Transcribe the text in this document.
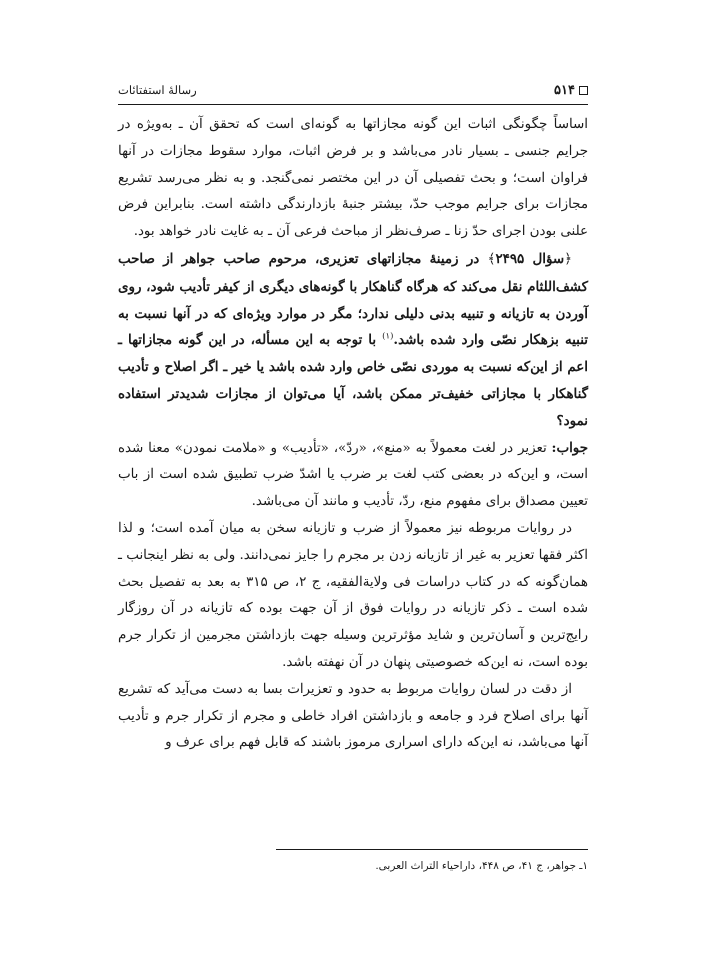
رسالهٔ استفتائات	۵۱۴

اساساً چگونگی اثبات این گونه مجازاتها به گونه‌ای است که تحقق آن ـ به‌ویژه در جرایم جنسی ـ بسیار نادر می‌باشد و بر فرض اثبات، موارد سقوط مجازات در آنها فراوان است؛ و بحث تفصیلی آن در این مختصر نمی‌گنجد. و به نظر می‌رسد تشریع مجازات برای جرایم موجب حدّ، بیشتر جنبهٔ بازدارندگی داشته است. بنابراین فرض علنی بودن اجرای حدّ زنا ـ صرف‌نظر از مباحث فرعی آن ـ به غایت نادر خواهد بود.

﴿سؤال ۲۴۹۵﴾ در زمینهٔ مجازاتهای تعزیری، مرحوم صاحب جواهر از صاحب کشف‌اللثام نقل می‌کند که هرگاه گناهکار با گونه‌های دیگری از کیفر تأدیب شود، روی آوردن به تازیانه و تنبیه بدنی دلیلی ندارد؛ مگر در موارد ویژه‌ای که در آنها نسبت به تنبیه بزهکار نصّی وارد شده باشد.$^{(۱)}$ با توجه به این مسأله، در این گونه مجازاتها ـ اعم از این‌که نسبت به موردی نصّی خاص وارد شده باشد یا خیر ـ اگر اصلاح و تأدیب گناهکار با مجازاتی خفیف‌تر ممکن باشد، آیا می‌توان از مجازات شدیدتر استفاده نمود؟

جواب: تعزیر در لغت معمولاً به «منع»، «ردّ»، «تأدیب» و «ملامت نمودن» معنا شده است، و این‌که در بعضی کتب لغت بر ضرب یا اشدّ ضرب تطبیق شده است از باب تعیین مصداق برای مفهوم منع، ردّ، تأدیب و مانند آن می‌باشد.

در روایات مربوطه نیز معمولاً از ضرب و تازیانه سخن به میان آمده است؛ و لذا اکثر فقها تعزیر به غیر از تازیانه زدن بر مجرم را جایز نمی‌دانند. ولی به نظر اینجانب ـ همان‌گونه که در کتاب دراسات فی ولایة‌الفقیه، ج ۲، ص ۳۱۵ به بعد به تفصیل بحث شده است ـ ذکر تازیانه در روایات فوق از آن جهت بوده که تازیانه در آن روزگار رایج‌ترین و آسان‌ترین و شاید مؤثرترین وسیله جهت بازداشتن مجرمین از تکرار جرم بوده است، نه این‌که خصوصیتی پنهان در آن نهفته باشد.

از دقت در لسان روایات مربوط به حدود و تعزیرات بسا به دست می‌آید که تشریع آنها برای اصلاح فرد و جامعه و بازداشتن افراد خاطی و مجرم از تکرار جرم و تأدیب آنها می‌باشد، نه این‌که دارای اسراری مرموز باشند که قابل فهم برای عرف و

۱ـ جواهر، ج ۴۱، ص ۴۴۸، داراحیاء التراث العربی.
